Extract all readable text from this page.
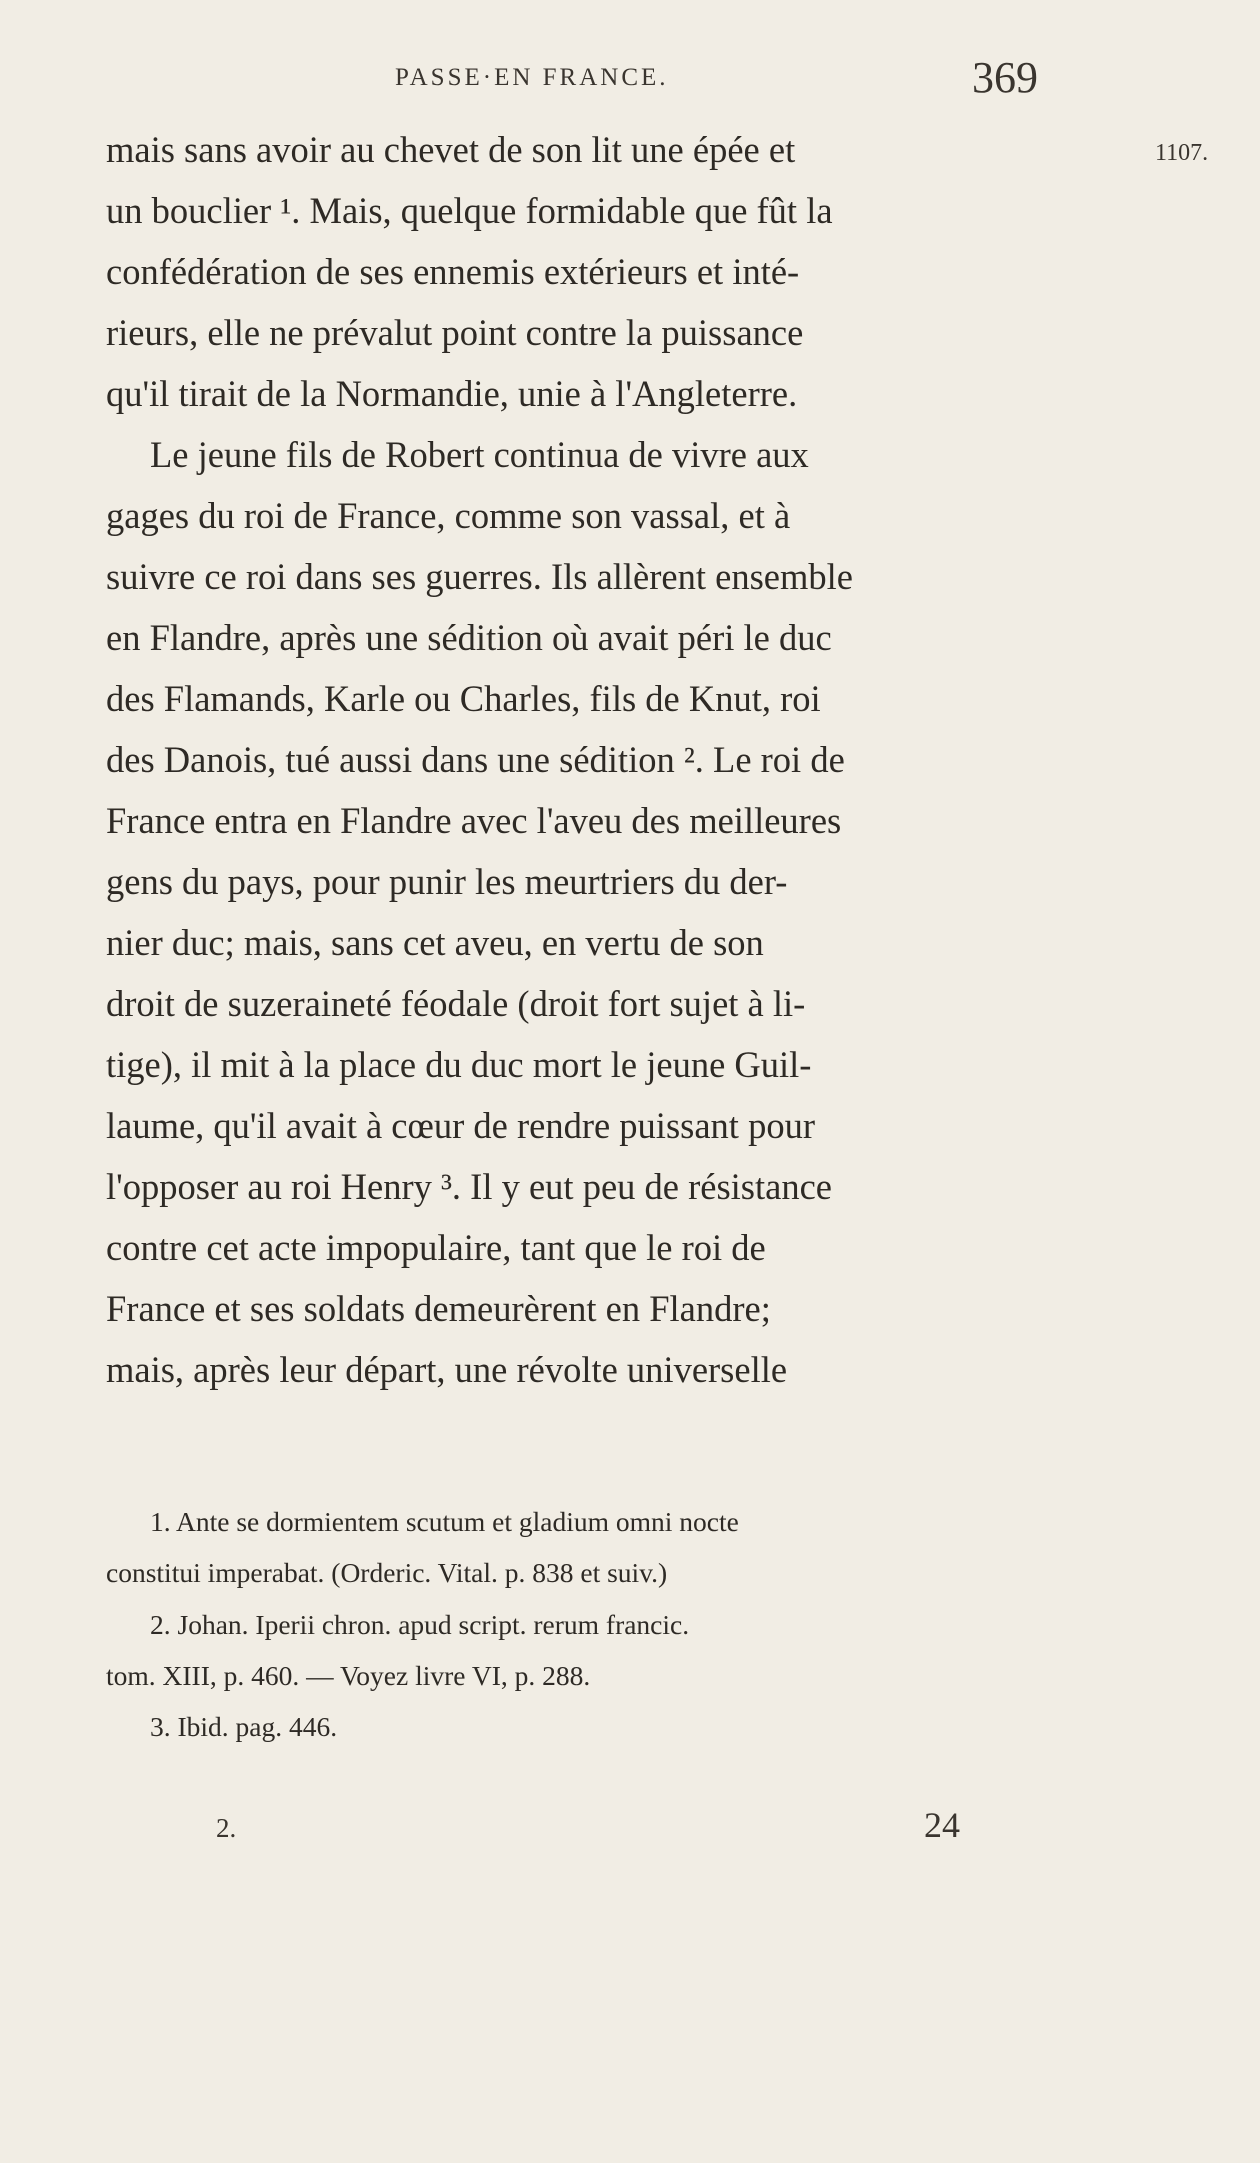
PASSE·EN FRANCE.	369
1107.
mais sans avoir au chevet de son lit une épée et
un bouclier ¹. Mais, quelque formidable que fût la
confédération de ses ennemis extérieurs et inté-
rieurs, elle ne prévalut point contre la puissance
qu'il tirait de la Normandie, unie à l'Angleterre.
Le jeune fils de Robert continua de vivre aux
gages du roi de France, comme son vassal, et à
suivre ce roi dans ses guerres. Ils allèrent ensemble
en Flandre, après une sédition où avait péri le duc
des Flamands, Karle ou Charles, fils de Knut, roi
des Danois, tué aussi dans une sédition ². Le roi de
France entra en Flandre avec l'aveu des meilleures
gens du pays, pour punir les meurtriers du der-
nier duc; mais, sans cet aveu, en vertu de son
droit de suzeraineté féodale (droit fort sujet à li-
tige), il mit à la place du duc mort le jeune Guil-
laume, qu'il avait à cœur de rendre puissant pour
l'opposer au roi Henry ³. Il y eut peu de résistance
contre cet acte impopulaire, tant que le roi de
France et ses soldats demeurèrent en Flandre;
mais, après leur départ, une révolte universelle
1. Ante se dormientem scutum et gladium omni nocte
constitui imperabat. (Orderic. Vital. p. 838 et suiv.)
2. Johan. Iperii chron. apud script. rerum francic.
tom. XIII, p. 460. — Voyez livre VI, p. 288.
3. Ibid. pag. 446.
2.	24
